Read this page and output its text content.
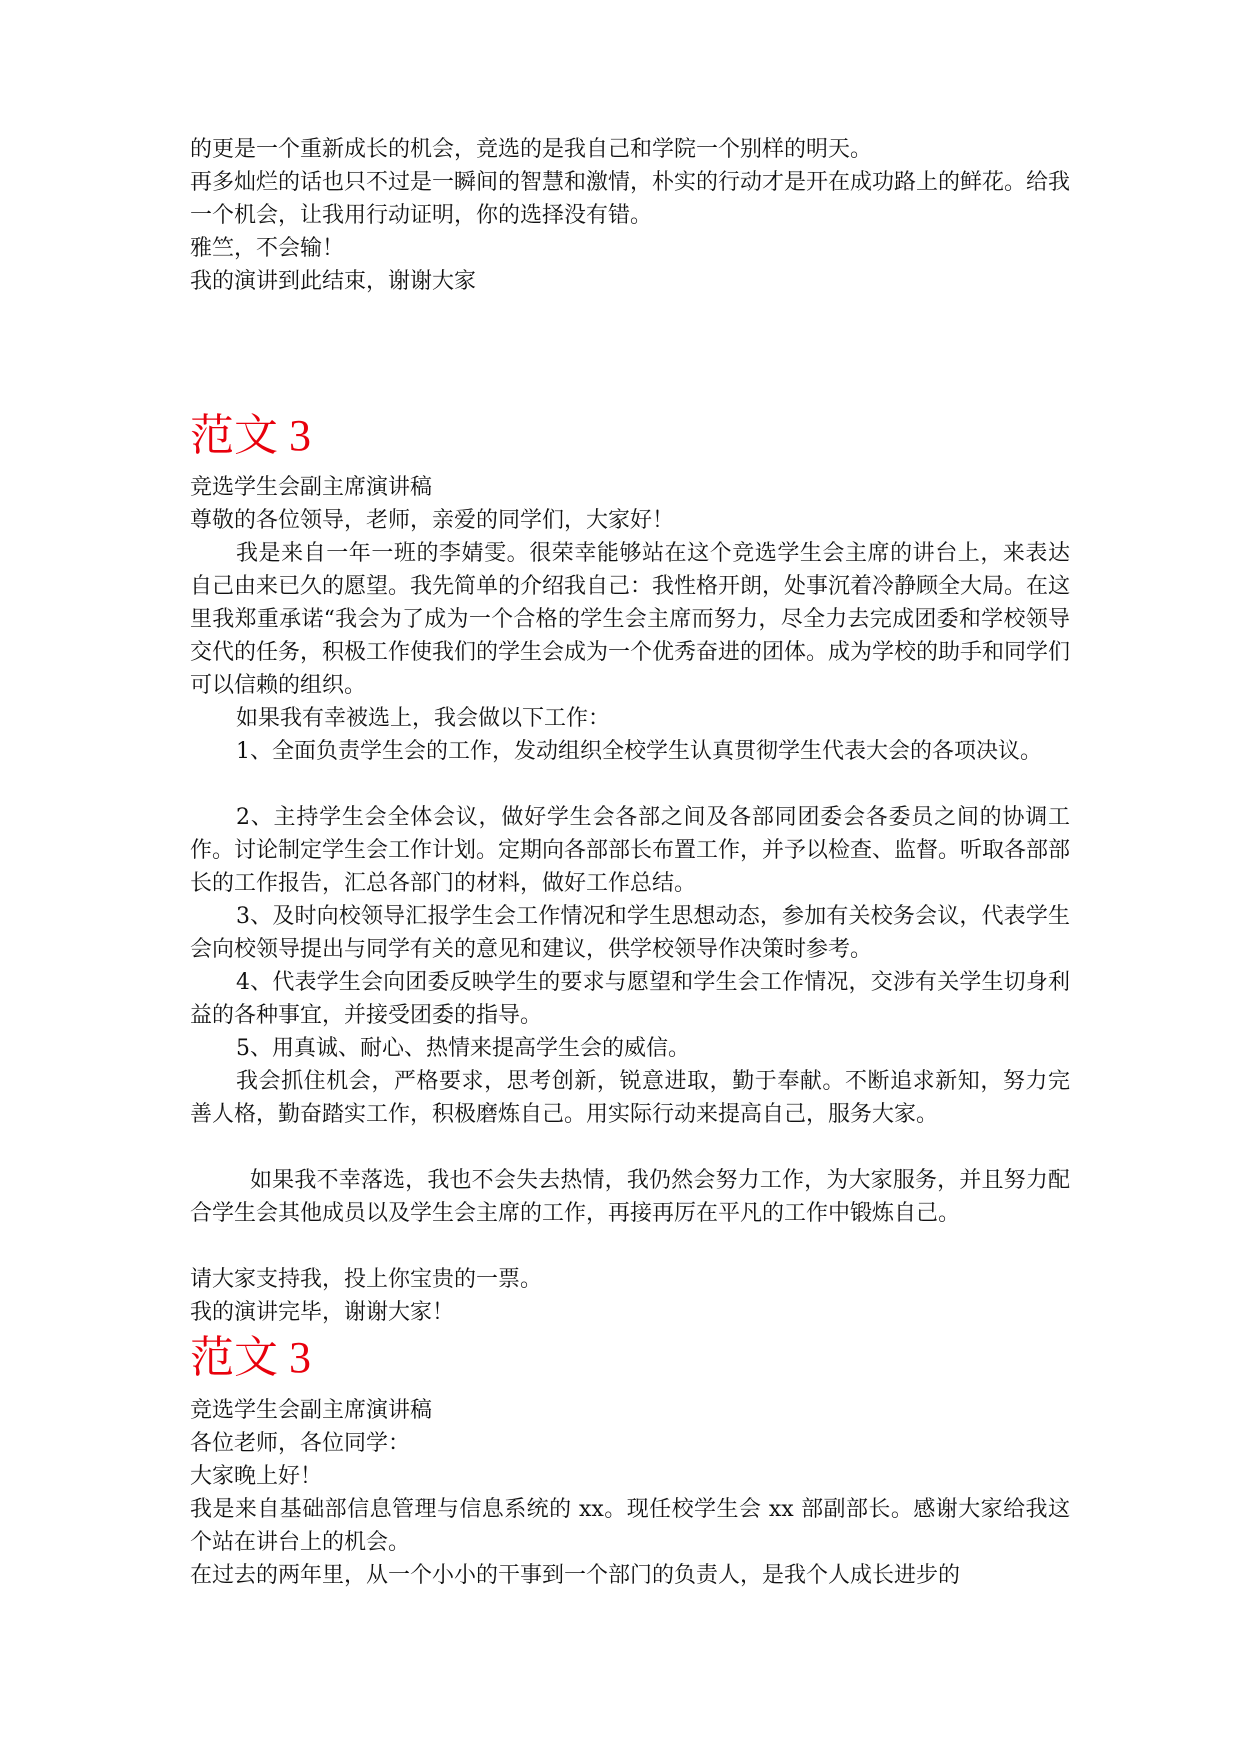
的更是一个重新成长的机会，竞选的是我自己和学院一个别样的明天。

再多灿烂的话也只不过是一瞬间的智慧和激情，朴实的行动才是开在成功路上的鲜花。给我一个机会，让我用行动证明，你的选择没有错。

雅竺，不会输！

我的演讲到此结束，谢谢大家

范文 3

竞选学生会副主席演讲稿

尊敬的各位领导，老师，亲爱的同学们，大家好！

我是来自一年一班的李婧雯。很荣幸能够站在这个竞选学生会主席的讲台上，来表达自己由来已久的愿望。我先简单的介绍我自己：我性格开朗，处事沉着冷静顾全大局。在这里我郑重承诺“我会为了成为一个合格的学生会主席而努力，尽全力去完成团委和学校领导交代的任务，积极工作使我们的学生会成为一个优秀奋进的团体。成为学校的助手和同学们可以信赖的组织。

如果我有幸被选上，我会做以下工作：

1、全面负责学生会的工作，发动组织全校学生认真贯彻学生代表大会的各项决议。

2、主持学生会全体会议，做好学生会各部之间及各部同团委会各委员之间的协调工作。讨论制定学生会工作计划。定期向各部部长布置工作，并予以检查、监督。听取各部部长的工作报告，汇总各部门的材料，做好工作总结。

3、及时向校领导汇报学生会工作情况和学生思想动态，参加有关校务会议，代表学生会向校领导提出与同学有关的意见和建议，供学校领导作决策时参考。

4、代表学生会向团委反映学生的要求与愿望和学生会工作情况，交涉有关学生切身利益的各种事宜，并接受团委的指导。

5、用真诚、耐心、热情来提高学生会的威信。

我会抓住机会，严格要求，思考创新，锐意进取，勤于奉献。不断追求新知，努力完善人格，勤奋踏实工作，积极磨炼自己。用实际行动来提高自己，服务大家。

如果我不幸落选，我也不会失去热情，我仍然会努力工作，为大家服务，并且努力配合学生会其他成员以及学生会主席的工作，再接再厉在平凡的工作中锻炼自己。

请大家支持我，投上你宝贵的一票。

我的演讲完毕，谢谢大家！

范文 3

竞选学生会副主席演讲稿

各位老师，各位同学：

大家晚上好！

我是来自基础部信息管理与信息系统的 xx。现任校学生会 xx 部副部长。感谢大家给我这个站在讲台上的机会。

在过去的两年里，从一个小小的干事到一个部门的负责人，是我个人成长进步的
